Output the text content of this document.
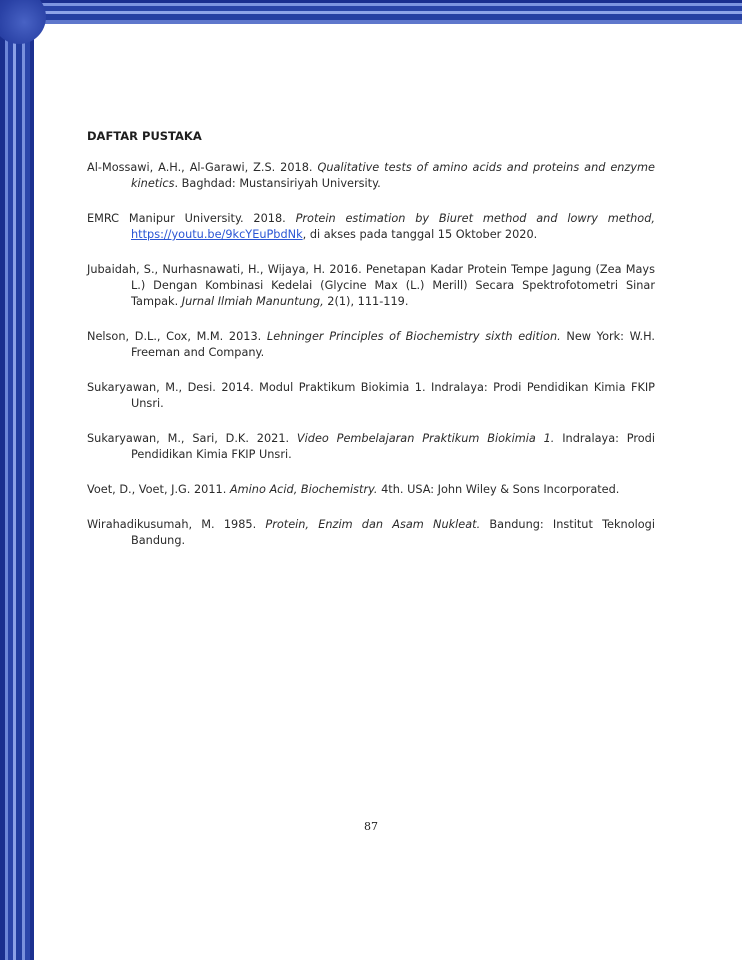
DAFTAR PUSTAKA
Al-Mossawi, A.H., Al-Garawi, Z.S. 2018. Qualitative tests of amino acids and proteins and enzyme kinetics. Baghdad: Mustansiriyah University.
EMRC Manipur University. 2018. Protein estimation by Biuret method and lowry method, https://youtu.be/9kcYEuPbdNk, di akses pada tanggal 15 Oktober 2020.
Jubaidah, S., Nurhasnawati, H., Wijaya, H. 2016. Penetapan Kadar Protein Tempe Jagung (Zea Mays L.) Dengan Kombinasi Kedelai (Glycine Max (L.) Merill) Secara Spektrofotometri Sinar Tampak. Jurnal Ilmiah Manuntung, 2(1), 111-119.
Nelson, D.L., Cox, M.M. 2013. Lehninger Principles of Biochemistry sixth edition. New York: W.H. Freeman and Company.
Sukaryawan, M., Desi. 2014. Modul Praktikum Biokimia 1. Indralaya: Prodi Pendidikan Kimia FKIP Unsri.
Sukaryawan, M., Sari, D.K. 2021. Video Pembelajaran Praktikum Biokimia 1. Indralaya: Prodi Pendidikan Kimia FKIP Unsri.
Voet, D., Voet, J.G. 2011. Amino Acid, Biochemistry. 4th. USA: John Wiley & Sons Incorporated.
Wirahadikusumah, M. 1985. Protein, Enzim dan Asam Nukleat. Bandung: Institut Teknologi Bandung.
87
